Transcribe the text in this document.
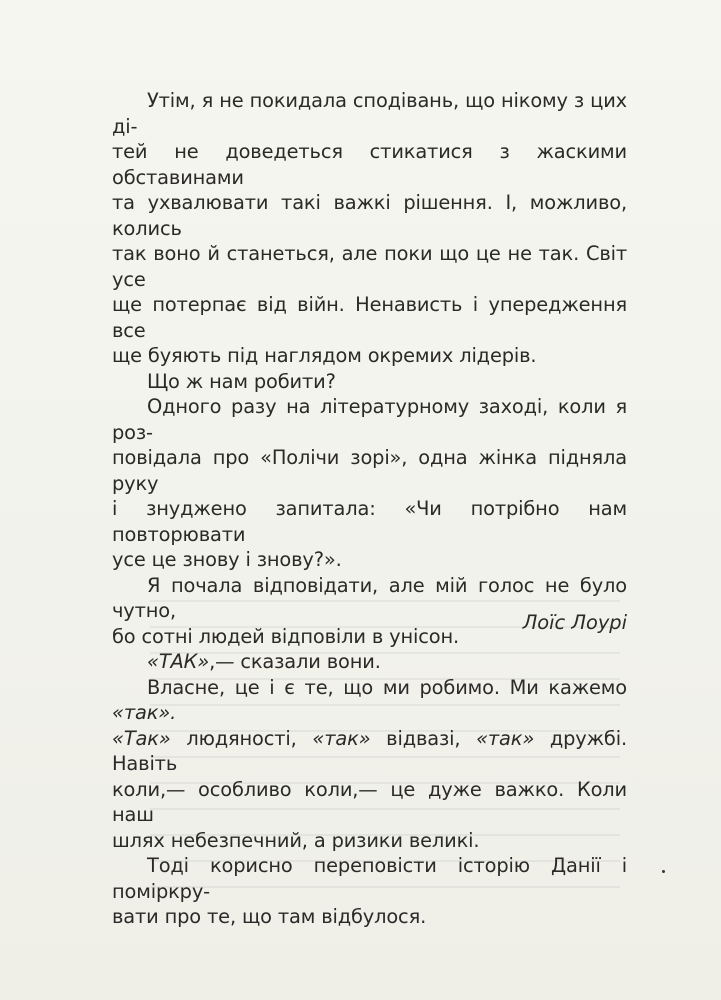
Утім, я не покидала сподівань, що нікому з цих ді-
тей не доведеться стикатися з жаскими обставинами
та ухвалювати такі важкі рішення. І, можливо, колись
так воно й станеться, але поки що це не так. Світ усе
ще потерпає від війн. Ненависть і упередження все
ще буяють під наглядом окремих лідерів.

Що ж нам робити?

Одного разу на літературному заході, коли я роз-
повідала про «Полічи зорі», одна жінка підняла руку
і знуджено запитала: «Чи потрібно нам повторювати
усе це знову і знову?».

Я почала відповідати, але мій голос не було чутно,
бо сотні людей відповіли в унісон.

«ТАК»,— сказали вони.

Власне, це і є те, що ми робимо. Ми кажемо «так».
«Так» людяності, «так» відвазі, «так» дружбі. Навіть
коли,— особливо коли,— це дуже важко. Коли наш
шлях небезпечний, а ризики великі.

Тоді корисно переповісти історію Данії і поміркру-
вати про те, що там відбулося.

Лоїс Лоурі
